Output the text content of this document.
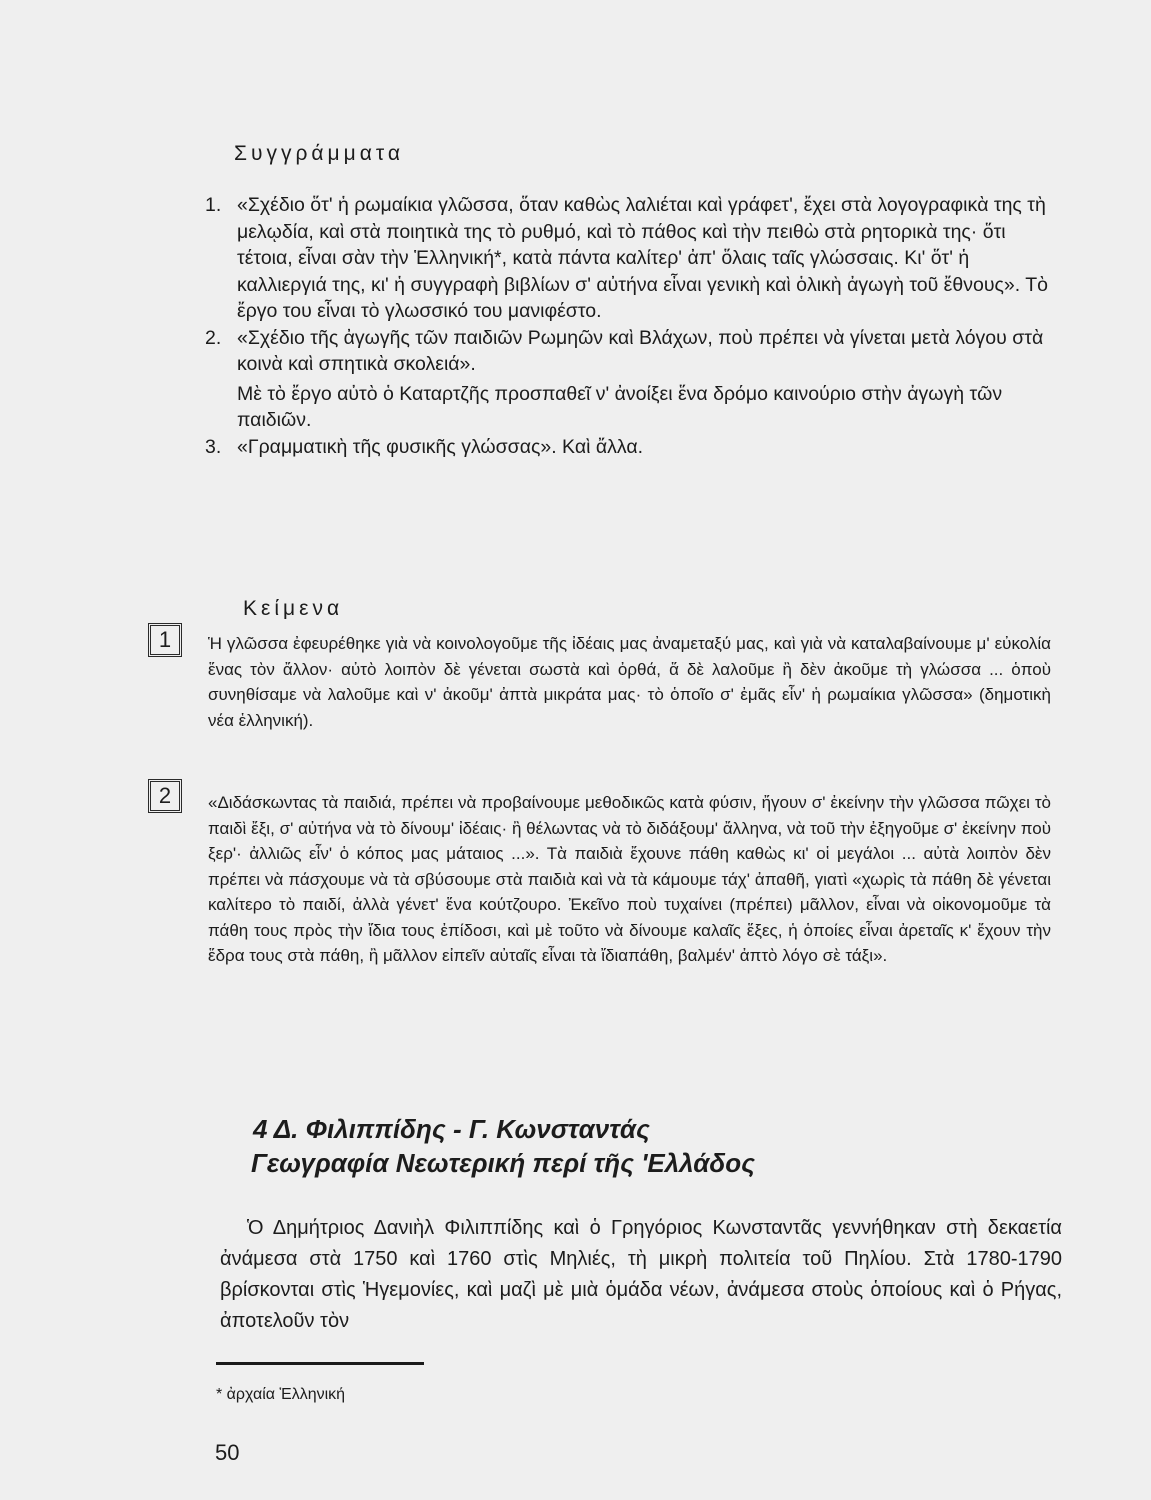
Συγγράμματα
1. «Σχέδιο ὅτ' ἡ ρωμαίκια γλῶσσα, ὅταν καθὼς λαλιέται καὶ γράφετ', ἔχει στὰ λογογραφικὰ της τὴ μελῳδία, καὶ στὰ ποιητικὰ της τὸ ρυθμό, καὶ τὸ πάθος καὶ τὴν πειθὼ στὰ ρητορικὰ της· ὅτι τέτοια, εἶναι σὰν τὴν Ἑλληνική*, κατὰ πάντα καλίτερ' ἀπ' ὅλαις ταῖς γλώσσαις. Κι' ὅτ' ἡ καλλιεργιά της, κι' ἡ συγγραφὴ βιβλίων σ' αὐτήνα εἶναι γενικὴ καὶ ὁλικὴ ἀγωγὴ τοῦ ἔθνους». Τὸ ἔργο του εἶναι τὸ γλωσσικό του μανιφέστο.
2. «Σχέδιο τῆς ἀγωγῆς τῶν παιδιῶν Ρωμηῶν καὶ Βλάχων, ποὺ πρέπει νὰ γίνεται μετὰ λόγου στὰ κοινὰ καὶ σπητικὰ σκολειά».
Μὲ τὸ ἔργο αὐτὸ ὁ Καταρτζῆς προσπαθεῖ ν' ἀνοίξει ἕνα δρόμο καινούριο στὴν ἀγωγὴ τῶν παιδιῶν.
3. «Γραμματικὴ τῆς φυσικῆς γλώσσας». Καὶ ἄλλα.
Κείμενα
1	Ἡ γλῶσσα ἐφευρέθηκε γιὰ νὰ κοινολογοῦμε τῆς ἰδέαις μας ἀναμεταξύ μας, καὶ γιὰ νὰ καταλαβαίνουμε μ' εὐκολία ἕνας τὸν ἄλλον· αὐτὸ λοιπὸν δὲ γένεται σωστὰ καὶ ὀρθά, ἅ δὲ λαλοῦμε ἢ δὲν ἀκοῦμε τὴ γλώσσα ... ὁποὺ συνηθίσαμε νὰ λαλοῦμε καὶ ν' ἀκοῦμ' ἀπτὰ μικράτα μας· τὸ ὁποῖο σ' ἐμᾶς εἶν' ἡ ρωμαίκια γλῶσσα» (δημοτικὴ νέα ἑλληνική).

2	«Διδάσκωντας τὰ παιδιά, πρέπει νὰ προβαίνουμε μεθοδικῶς κατὰ φύσιν, ἤγουν σ' ἐκείνην τὴν γλῶσσα πῶχει τὸ παιδὶ ἔξι, σ' αὐτήνα νὰ τὸ δίνουμ' ἰδέαις· ἢ θέλωντας νὰ τὸ διδάξουμ' ἄλληνα, νὰ τοῦ τὴν ἐξηγοῦμε σ' ἐκείνην ποὺ ξερ'· ἀλλιῶς εἶν' ὁ κόπος μας μάταιος ...». Τὰ παιδιὰ ἔχουνε πάθη καθὼς κι' οἱ μεγάλοι ... αὐτὰ λοιπὸν δὲν πρέπει νὰ πάσχουμε νὰ τὰ σβύσουμε στὰ παιδιὰ καὶ νὰ τὰ κάμουμε τάχ' ἀπαθῆ, γιατὶ «χωρὶς τὰ πάθη δὲ γένεται καλίτερο τὸ παιδί, ἀλλὰ γένετ' ἕνα κούτζουρο. Ἐκεῖνο ποὺ τυχαίνει (πρέπει) μᾶλλον, εἶναι νὰ οἰκονομοῦμε τὰ πάθη τους πρὸς τὴν ἴδια τους ἐπίδοσι, καὶ μὲ τοῦτο νὰ δίνουμε καλαῖς ἕξες, ἡ ὁποίες εἶναι ἀρεταῖς κ' ἔχουν τὴν ἕδρα τους στὰ πάθη, ἢ μᾶλλον εἰπεῖν αὐταῖς εἶναι τὰ ἴδιαπάθη, βαλμέν' ἀπτὸ λόγο σὲ τάξι».

4 Δ. Φιλιππίδης - Γ. Κωνσταντάς
Γεωγραφία Νεωτερική περί τῆς 'Ελλάδος

Ὁ Δημήτριος Δανιὴλ Φιλιππίδης καὶ ὁ Γρηγόριος Κωνσταντᾶς γεννήθηκαν στὴ δεκαετία ἀνάμεσα στὰ 1750 καὶ 1760 στὶς Μηλιές, τὴ μικρὴ πολιτεία τοῦ Πηλίου. Στὰ 1780-1790 βρίσκονται στὶς Ἡγεμονίες, καὶ μαζὶ μὲ μιὰ ὁμάδα νέων, ἀνάμεσα στοὺς ὁποίους καὶ ὁ Ρήγας, ἀποτελοῦν τὸν

* ἀρχαία Ἑλληνική

50
